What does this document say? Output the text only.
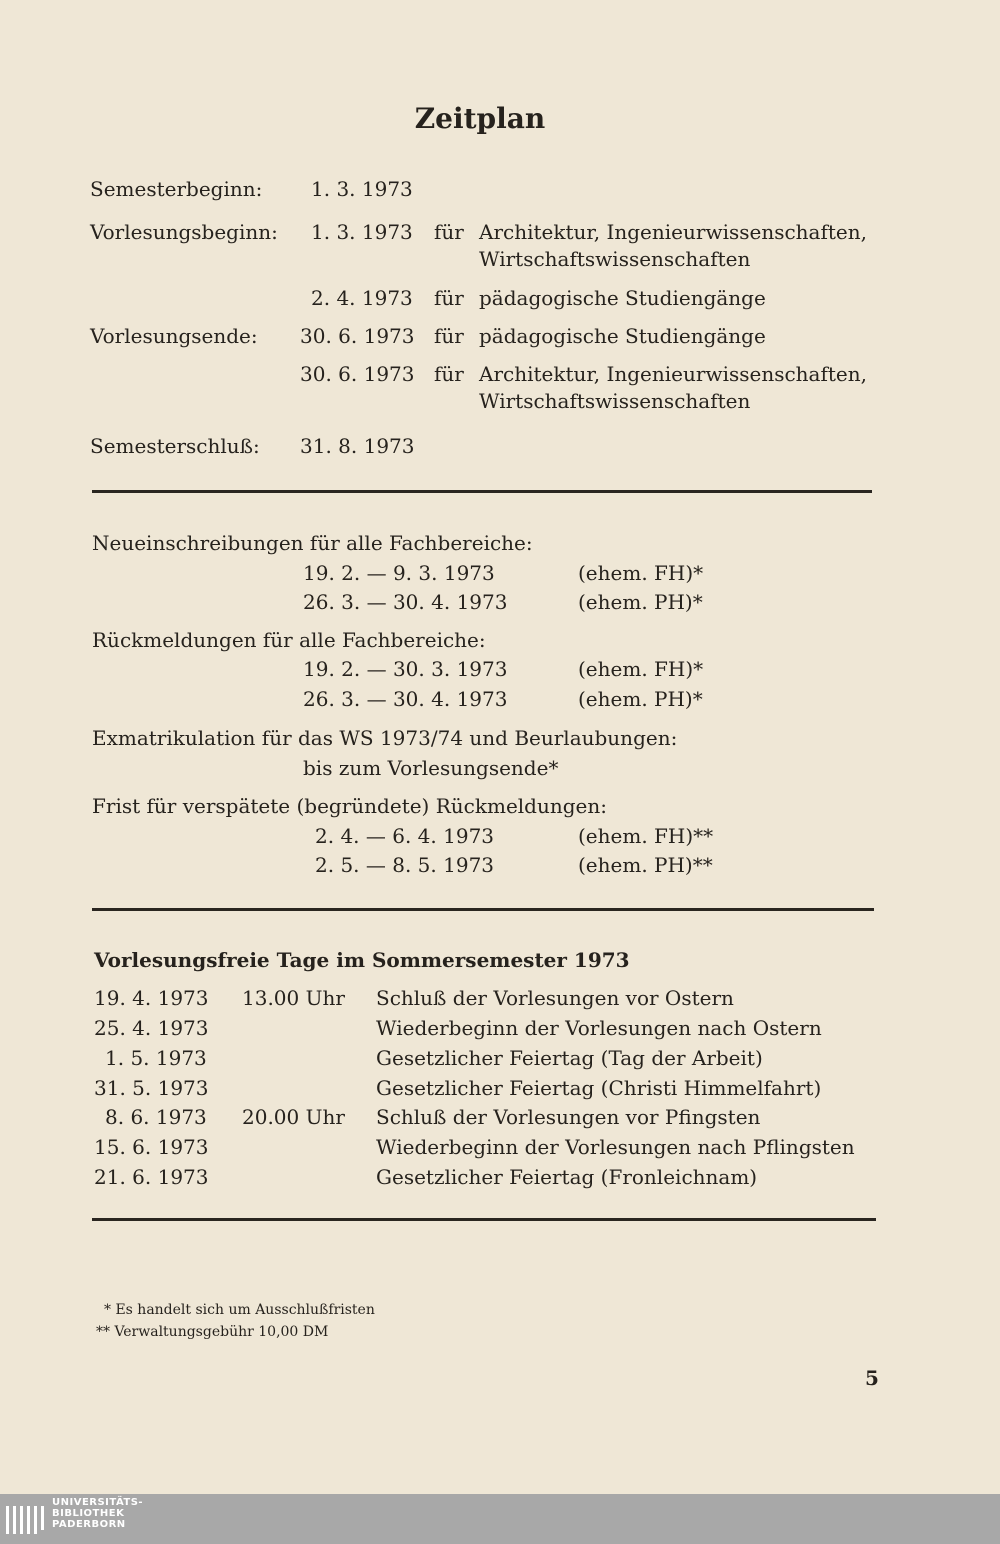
Zeitplan
Semesterbeginn: 1. 3. 1973
Vorlesungsbeginn: 1. 3. 1973 für Architektur, Ingenieurwissenschaften,
Wirtschaftswissenschaften
2. 4. 1973 für pädagogische Studiengänge
Vorlesungsende: 30. 6. 1973 für pädagogische Studiengänge
30. 6. 1973 für Architektur, Ingenieurwissenschaften,
Wirtschaftswissenschaften
Semesterschluß: 31. 8. 1973
Neueinschreibungen für alle Fachbereiche:
19. 2. — 9. 3. 1973	(ehem. FH)*
26. 3. — 30. 4. 1973	(ehem. PH)*
Rückmeldungen für alle Fachbereiche:
19. 2. — 30. 3. 1973	(ehem. FH)*
26. 3. — 30. 4. 1973	(ehem. PH)*
Exmatrikulation für das WS 1973/74 und Beurlaubungen:
bis zum Vorlesungsende*
Frist für verspätete (begründete) Rückmeldungen:
2. 4. — 6. 4. 1973	(ehem. FH)**
2. 5. — 8. 5. 1973	(ehem. PH)**
Vorlesungsfreie Tage im Sommersemester 1973
19. 4. 1973 13.00 Uhr Schluß der Vorlesungen vor Ostern
25. 4. 1973	Wiederbeginn der Vorlesungen nach Ostern
1. 5. 1973	Gesetzlicher Feiertag (Tag der Arbeit)
31. 5. 1973	Gesetzlicher Feiertag (Christi Himmelfahrt)
8. 6. 1973 20.00 Uhr Schluß der Vorlesungen vor Pfingsten
15. 6. 1973	Wiederbeginn der Vorlesungen nach Pflingsten
21. 6. 1973	Gesetzlicher Feiertag (Fronleichnam)
* Es handelt sich um Ausschlußfristen
** Verwaltungsgebühr 10,00 DM
5
UNIVERSITÄTS-
BIBLIOTHEK
PADERBORN
